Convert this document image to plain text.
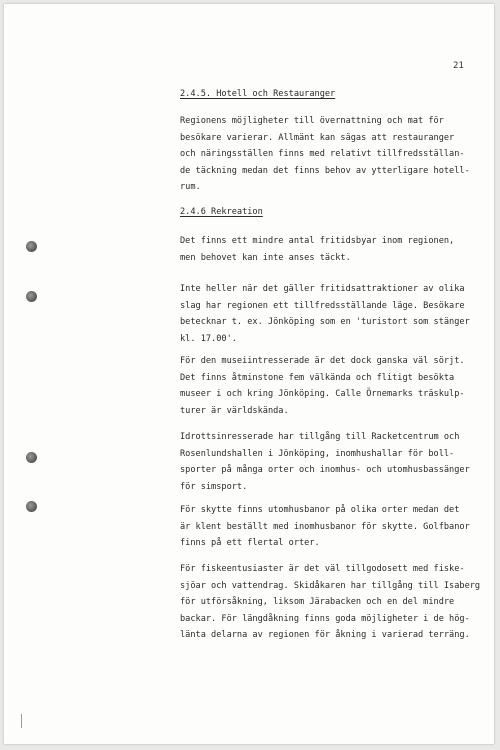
21
2.4.5. Hotell och Restauranger
Regionens möjligheter till övernattning och mat för
besökare varierar. Allmänt kan sägas att restauranger
och näringsställen finns med relativt tillfredsställan-
de täckning medan det finns behov av ytterligare hotell-
rum.
2.4.6 Rekreation
Det finns ett mindre antal fritidsbyar inom regionen,
men behovet kan inte anses täckt.
Inte heller när det gäller fritidsattraktioner av olika
slag har regionen ett tillfredsställande läge. Besökare
betecknar t. ex. Jönköping som en 'turistort som stänger
kl. 17.00'.
För den museiintresserade är det dock ganska väl sörjt.
Det finns åtminstone fem välkända och flitigt besökta
museer i och kring Jönköping. Calle Örnemarks träskulp-
turer är världskända.
Idrottsinresserade har tillgång till Racketcentrum och
Rosenlundshallen i Jönköping, inomhushallar för boll-
sporter på många orter och inomhus- och utomhusbassänger
för simsport.
För skytte finns utomhusbanor på olika orter medan det
är klent beställt med inomhusbanor för skytte. Golfbanor
finns på ett flertal orter.
För fiskeentusiaster är det väl tillgodosett med fiske-
sjöar och vattendrag. Skidåkaren har tillgång till Isaberg
för utförsåkning, liksom Järabacken och en del mindre
backar. För längdåkning finns goda möjligheter i de hög-
länta delarna av regionen för åkning i varierad terräng.
